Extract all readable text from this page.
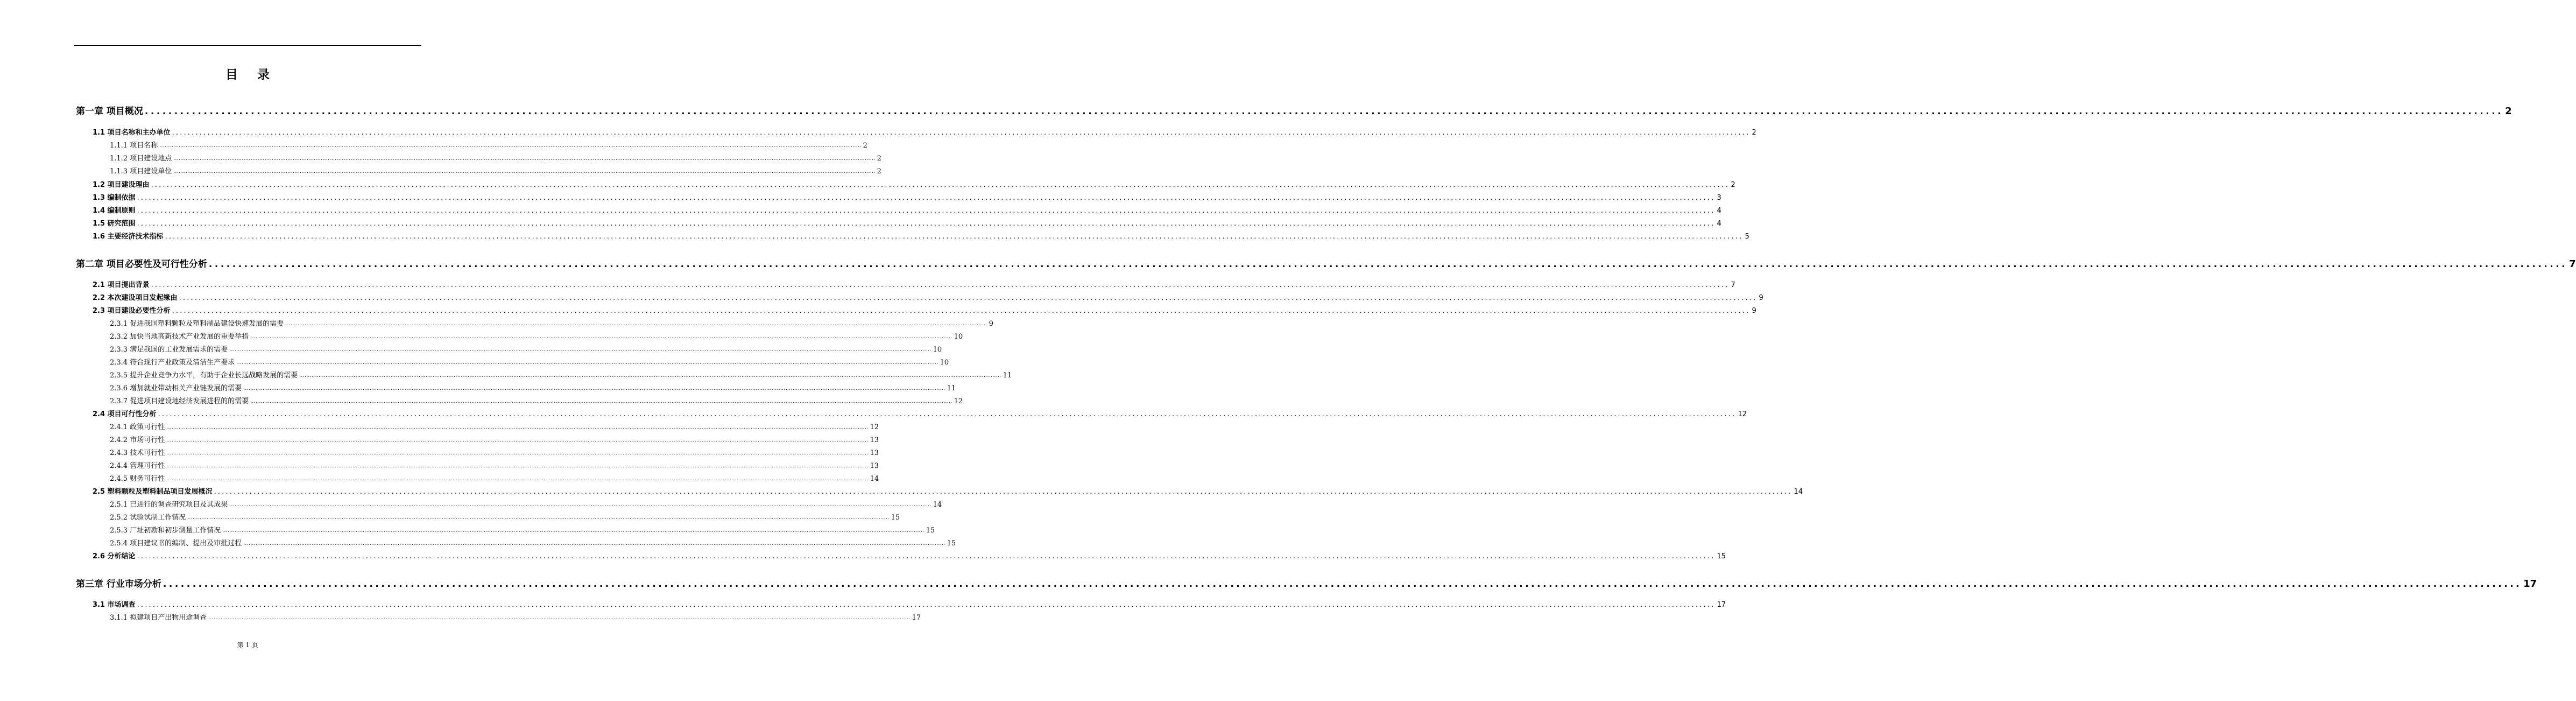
目 录
第一章 项目概况 ................................................................................................................................................................................................................................................................................................................................................................................................................ 2
1.1 项目名称和主办单位 ................................................................................................................................................................................................................................................................................................................................................................................................................ 2
1.1.1 项目名称 ................................................................................................................................................................................................................................................................................................................................................................................................................ 2
1.1.2 项目建设地点 ................................................................................................................................................................................................................................................................................................................................................................................................................ 2
1.1.3 项目建设单位 ................................................................................................................................................................................................................................................................................................................................................................................................................ 2
1.2 项目建设理由 ................................................................................................................................................................................................................................................................................................................................................................................................................ 2
1.3 编制依据 ................................................................................................................................................................................................................................................................................................................................................................................................................ 3
1.4 编制原则 ................................................................................................................................................................................................................................................................................................................................................................................................................ 4
1.5 研究范围 ................................................................................................................................................................................................................................................................................................................................................................................................................ 4
1.6 主要经济技术指标 ................................................................................................................................................................................................................................................................................................................................................................................................................ 5
第二章 项目必要性及可行性分析 ................................................................................................................................................................................................................................................................................................................................................................................................................ 7
2.1 项目提出背景 ................................................................................................................................................................................................................................................................................................................................................................................................................ 7
2.2 本次建设项目发起缘由 ................................................................................................................................................................................................................................................................................................................................................................................................................ 9
2.3 项目建设必要性分析 ................................................................................................................................................................................................................................................................................................................................................................................................................ 9
2.3.1 促进我国塑料颗粒及塑料制品建设快速发展的需要 ................................................................................................................................................................................................................................................................................................................................................................................................................ 9
2.3.2 加快当地高新技术产业发展的重要举措 ................................................................................................................................................................................................................................................................................................................................................................................................................ 10
2.3.3 满足我国的工业发展需求的需要 ................................................................................................................................................................................................................................................................................................................................................................................................................ 10
2.3.4 符合现行产业政策及清洁生产要求 ................................................................................................................................................................................................................................................................................................................................................................................................................ 10
2.3.5 提升企业竞争力水平，有助于企业长远战略发展的需要 ................................................................................................................................................................................................................................................................................................................................................................................................................ 11
2.3.6 增加就业带动相关产业链发展的需要 ................................................................................................................................................................................................................................................................................................................................................................................................................ 11
2.3.7 促进项目建设地经济发展进程的的需要 ................................................................................................................................................................................................................................................................................................................................................................................................................ 12
2.4 项目可行性分析 ................................................................................................................................................................................................................................................................................................................................................................................................................ 12
2.4.1 政策可行性 ................................................................................................................................................................................................................................................................................................................................................................................................................ 12
2.4.2 市场可行性 ................................................................................................................................................................................................................................................................................................................................................................................................................ 13
2.4.3 技术可行性 ................................................................................................................................................................................................................................................................................................................................................................................................................ 13
2.4.4 管理可行性 ................................................................................................................................................................................................................................................................................................................................................................................................................ 13
2.4.5 财务可行性 ................................................................................................................................................................................................................................................................................................................................................................................................................ 14
2.5 塑料颗粒及塑料制品项目发展概况 ................................................................................................................................................................................................................................................................................................................................................................................................................ 14
2.5.1 已进行的调查研究项目及其成果 ................................................................................................................................................................................................................................................................................................................................................................................................................ 14
2.5.2 试验试制工作情况 ................................................................................................................................................................................................................................................................................................................................................................................................................ 15
2.5.3 厂址初勘和初步测量工作情况 ................................................................................................................................................................................................................................................................................................................................................................................................................ 15
2.5.4 项目建议书的编制、提出及审批过程 ................................................................................................................................................................................................................................................................................................................................................................................................................ 15
2.6 分析结论 ................................................................................................................................................................................................................................................................................................................................................................................................................ 15
第三章 行业市场分析 ................................................................................................................................................................................................................................................................................................................................................................................................................ 17
3.1 市场调查 ................................................................................................................................................................................................................................................................................................................................................................................................................ 17
3.1.1 拟建项目产出物用途调查 ................................................................................................................................................................................................................................................................................................................................................................................................................ 17
第 1 页
